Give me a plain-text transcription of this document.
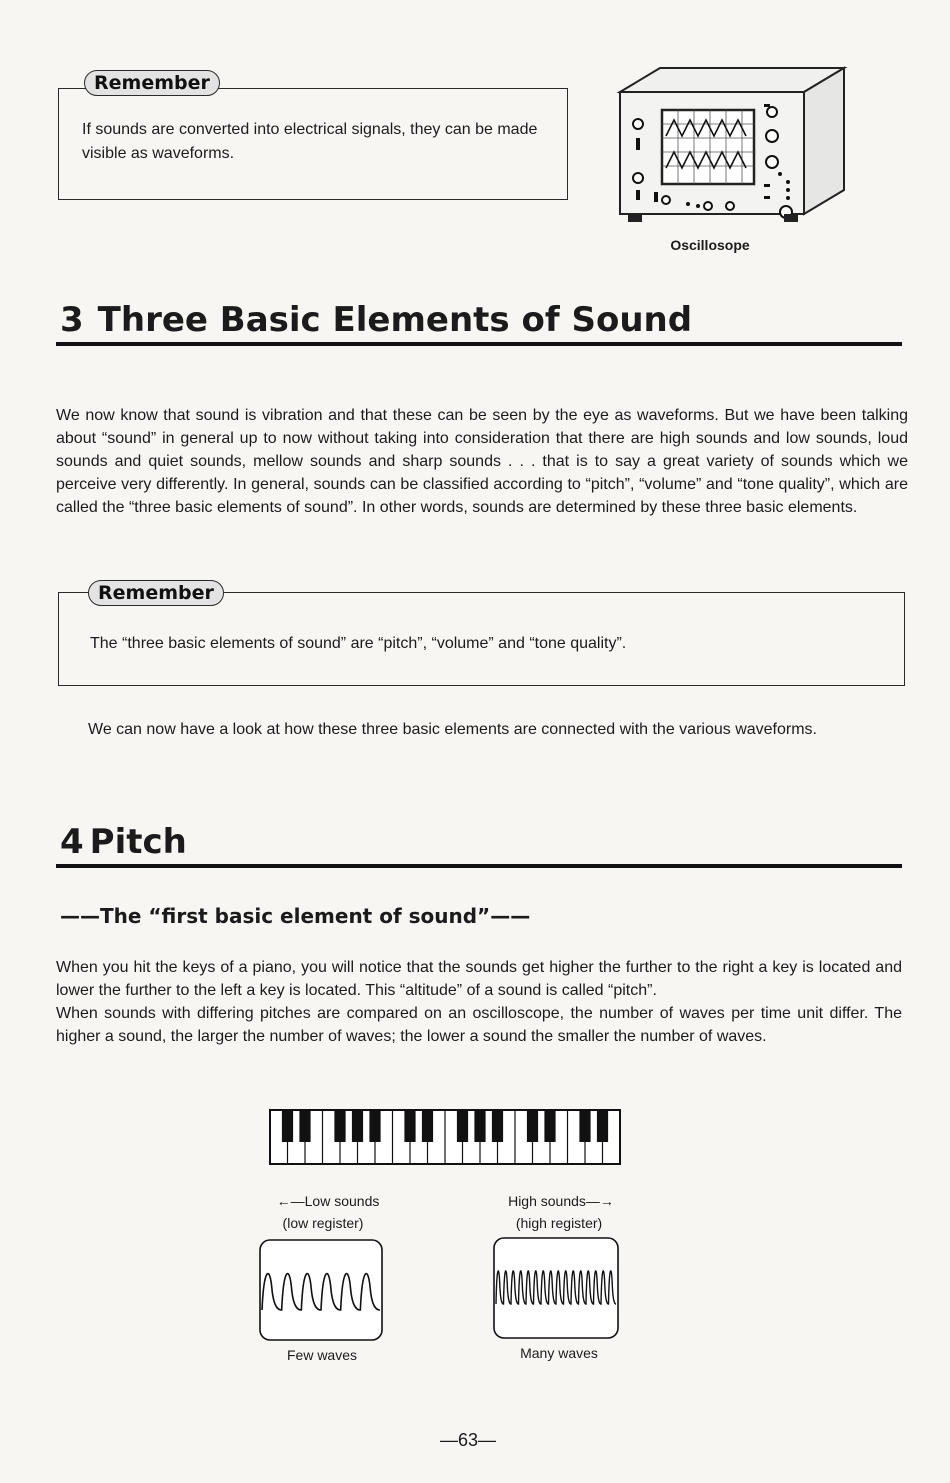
Remember
If sounds are converted into electrical signals, they can be made visible as waveforms.
Oscillosope
3 Three Basic Elements of Sound
We now know that sound is vibration and that these can be seen by the eye as waveforms. But we have been talking about “sound” in general up to now without taking into consideration that there are high sounds and low sounds, loud sounds and quiet sounds, mellow sounds and sharp sounds . . . that is to say a great variety of sounds which we perceive very differently. In general, sounds can be classified according to “pitch”, “volume” and “tone quality”, which are called the “three basic elements of sound”. In other words, sounds are determined by these three basic elements.
Remember
The “three basic elements of sound” are “pitch”, “volume” and “tone quality”.
We can now have a look at how these three basic elements are connected with the various waveforms.
4 Pitch
——The “first basic element of sound”——
When you hit the keys of a piano, you will notice that the sounds get higher the further to the right a key is located and lower the further to the left a key is located. This “altitude” of a sound is called “pitch”.
When sounds with differing pitches are compared on an oscilloscope, the number of waves per time unit differ. The higher a sound, the larger the number of waves; the lower a sound the smaller the number of waves.
←—Low sounds
(low register)
High sounds—→
(high register)
Few waves	Many waves
—63—
